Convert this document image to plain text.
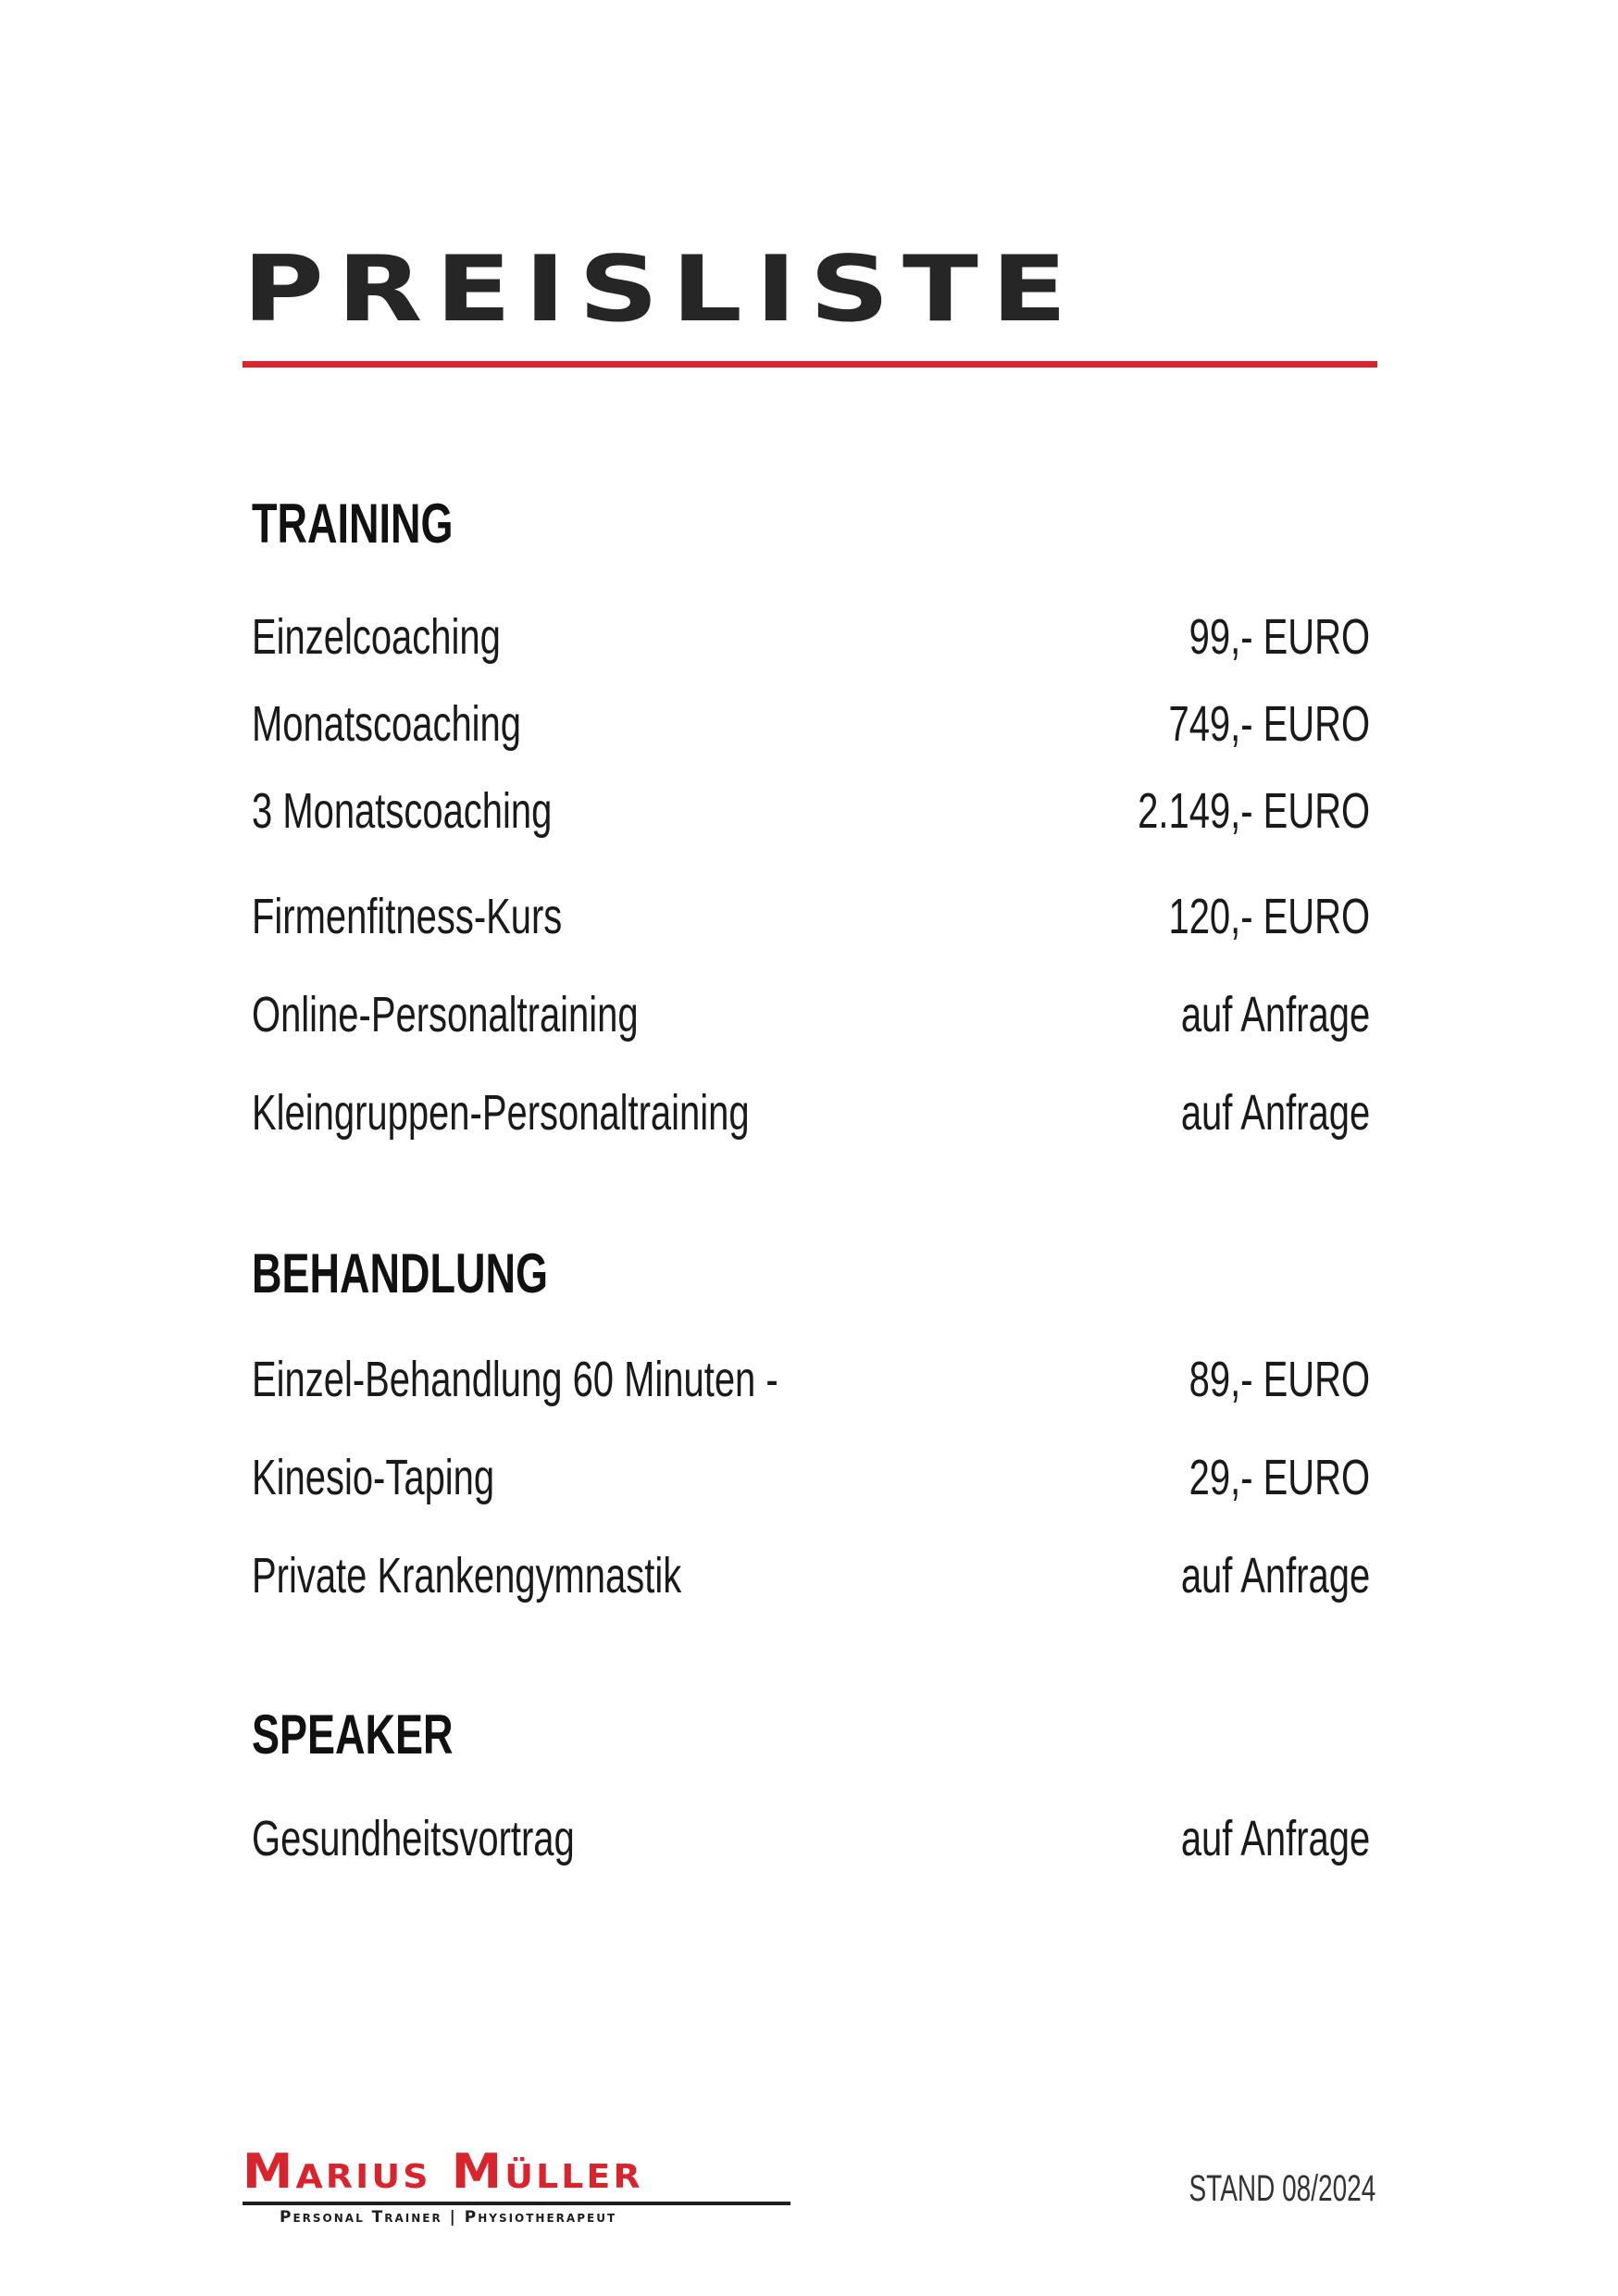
PREISLISTE
TRAINING
Einzelcoaching	99,- EURO
Monatscoaching	749,- EURO
3 Monatscoaching	2.149,- EURO
Firmenfitness-Kurs	120,- EURO
Online-Personaltraining	auf Anfrage
Kleingruppen-Personaltraining	auf Anfrage
BEHANDLUNG
Einzel-Behandlung 60 Minuten -	89,- EURO
Kinesio-Taping	29,- EURO
Private Krankengymnastik	auf Anfrage
SPEAKER
Gesundheitsvortrag	auf Anfrage
Marius Müller
Personal Trainer | Physiotherapeut
STAND 08/2024
